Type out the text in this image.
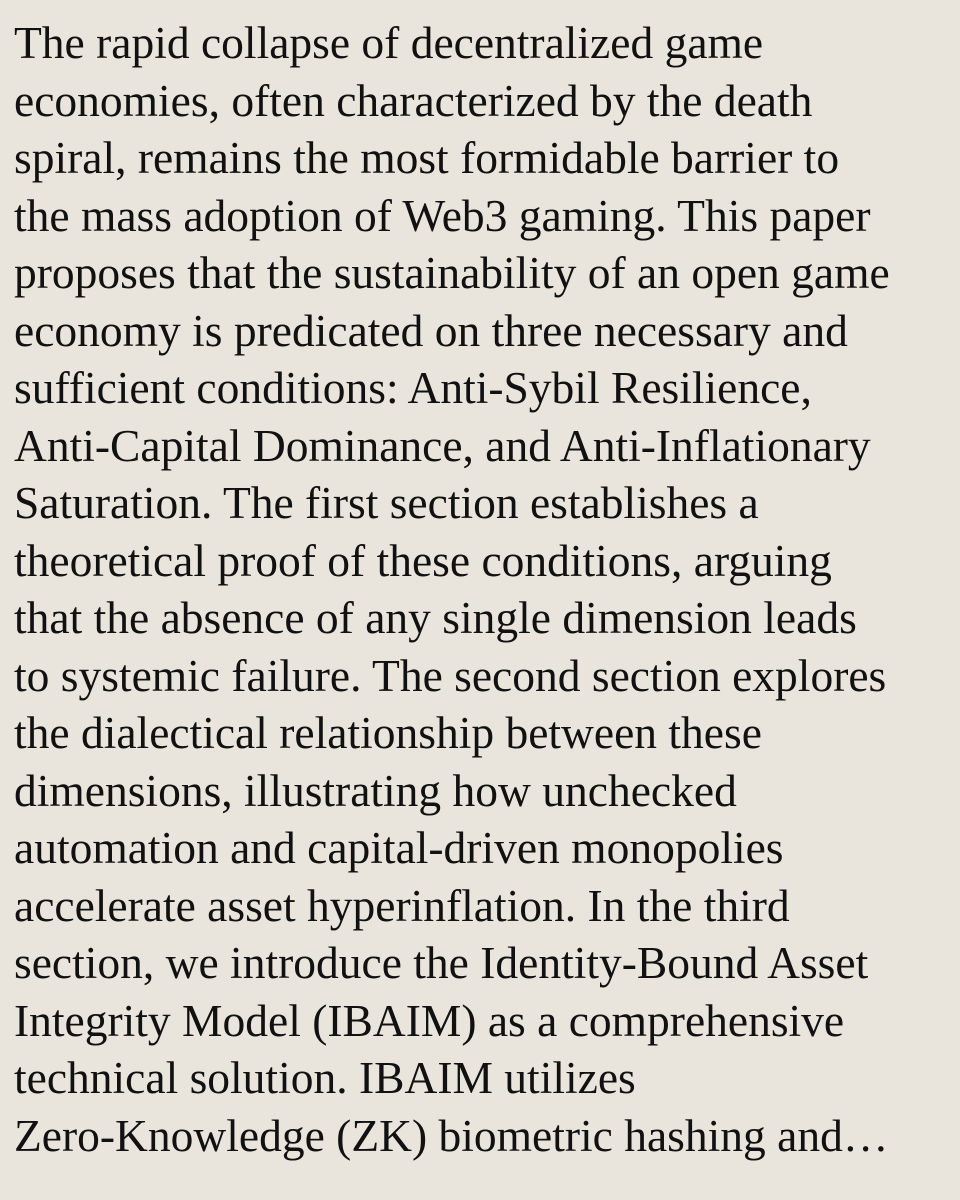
The rapid collapse of decentralized game
economies, often characterized by the death
spiral, remains the most formidable barrier to
the mass adoption of Web3 gaming. This paper
proposes that the sustainability of an open game
economy is predicated on three necessary and
sufficient conditions: Anti-Sybil Resilience,
Anti-Capital Dominance, and Anti-Inflationary
Saturation. The first section establishes a
theoretical proof of these conditions, arguing
that the absence of any single dimension leads
to systemic failure. The second section explores
the dialectical relationship between these
dimensions, illustrating how unchecked
automation and capital-driven monopolies
accelerate asset hyperinflation. In the third
section, we introduce the Identity-Bound Asset
Integrity Model (IBAIM) as a comprehensive
technical solution. IBAIM utilizes
Zero-Knowledge (ZK) biometric hashing and…
